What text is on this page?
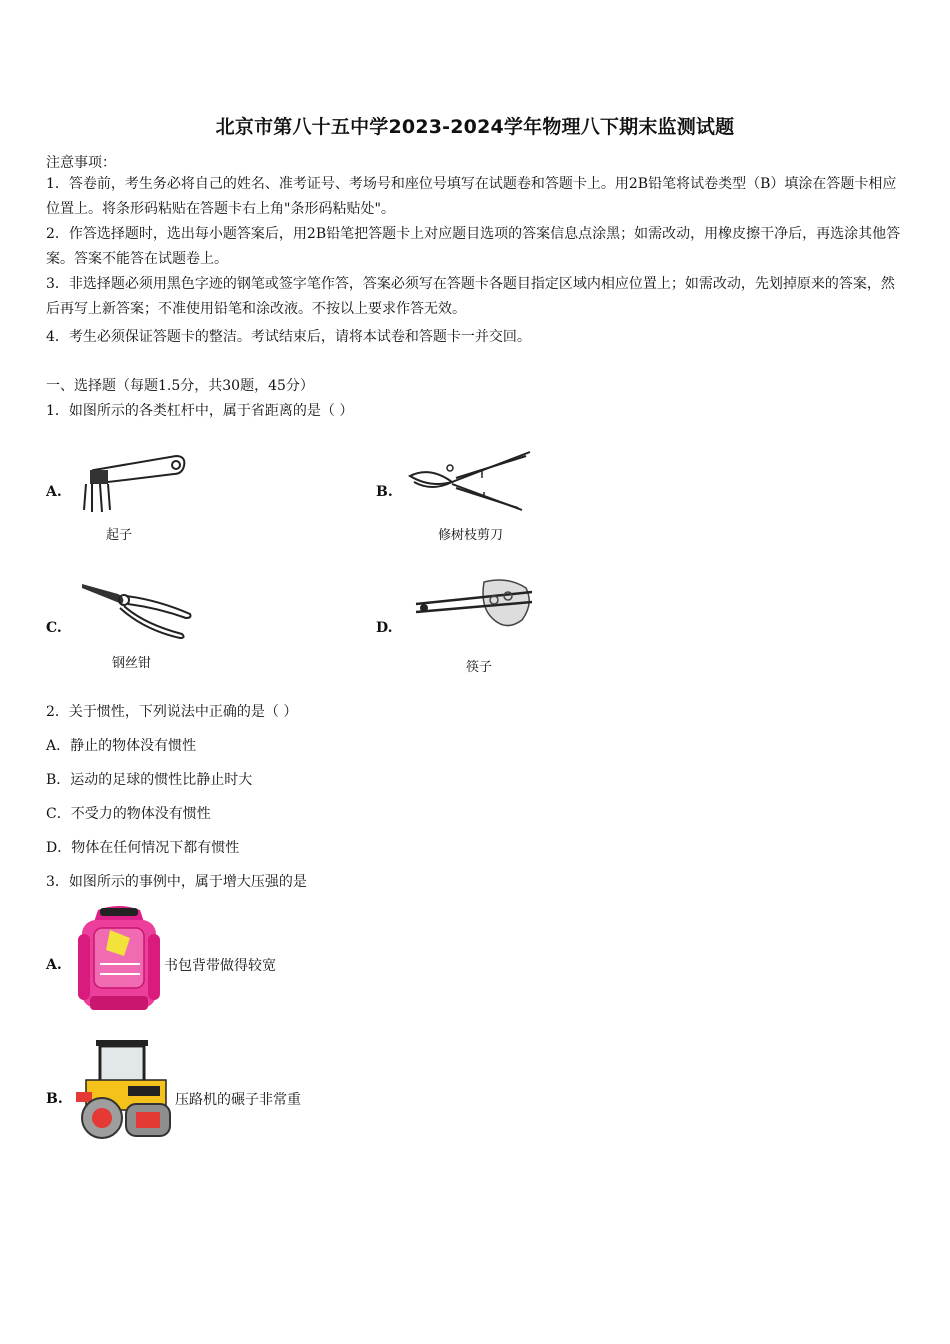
北京市第八十五中学2023-2024学年物理八下期末监测试题
注意事项：
1．答卷前，考生务必将自己的姓名、准考证号、考场号和座位号填写在试题卷和答题卡上。用2B铅笔将试卷类型（B）填涂在答题卡相应位置上。将条形码粘贴在答题卡右上角"条形码粘贴处"。
2．作答选择题时，选出每小题答案后，用2B铅笔把答题卡上对应题目选项的答案信息点涂黑；如需改动，用橡皮擦干净后，再选涂其他答案。答案不能答在试题卷上。
3．非选择题必须用黑色字迹的钢笔或签字笔作答，答案必须写在答题卡各题目指定区域内相应位置上；如需改动，先划掉原来的答案，然后再写上新答案；不准使用铅笔和涂改液。不按以上要求作答无效。
4．考生必须保证答题卡的整洁。考试结束后，请将本试卷和答题卡一并交回。
一、选择题（每题1.5分，共30题，45分）
1．如图所示的各类杠杆中，属于省距离的是（ ）
A.
起子
B.
修树枝剪刀
C.
钢丝钳
D.
筷子
2．关于惯性，下列说法中正确的是（ ）
A．静止的物体没有惯性
B．运动的足球的惯性比静止时大
C．不受力的物体没有惯性
D．物体在任何情况下都有惯性
3．如图所示的事例中，属于增大压强的是
A.	书包背带做得较宽
B.	压路机的碾子非常重
